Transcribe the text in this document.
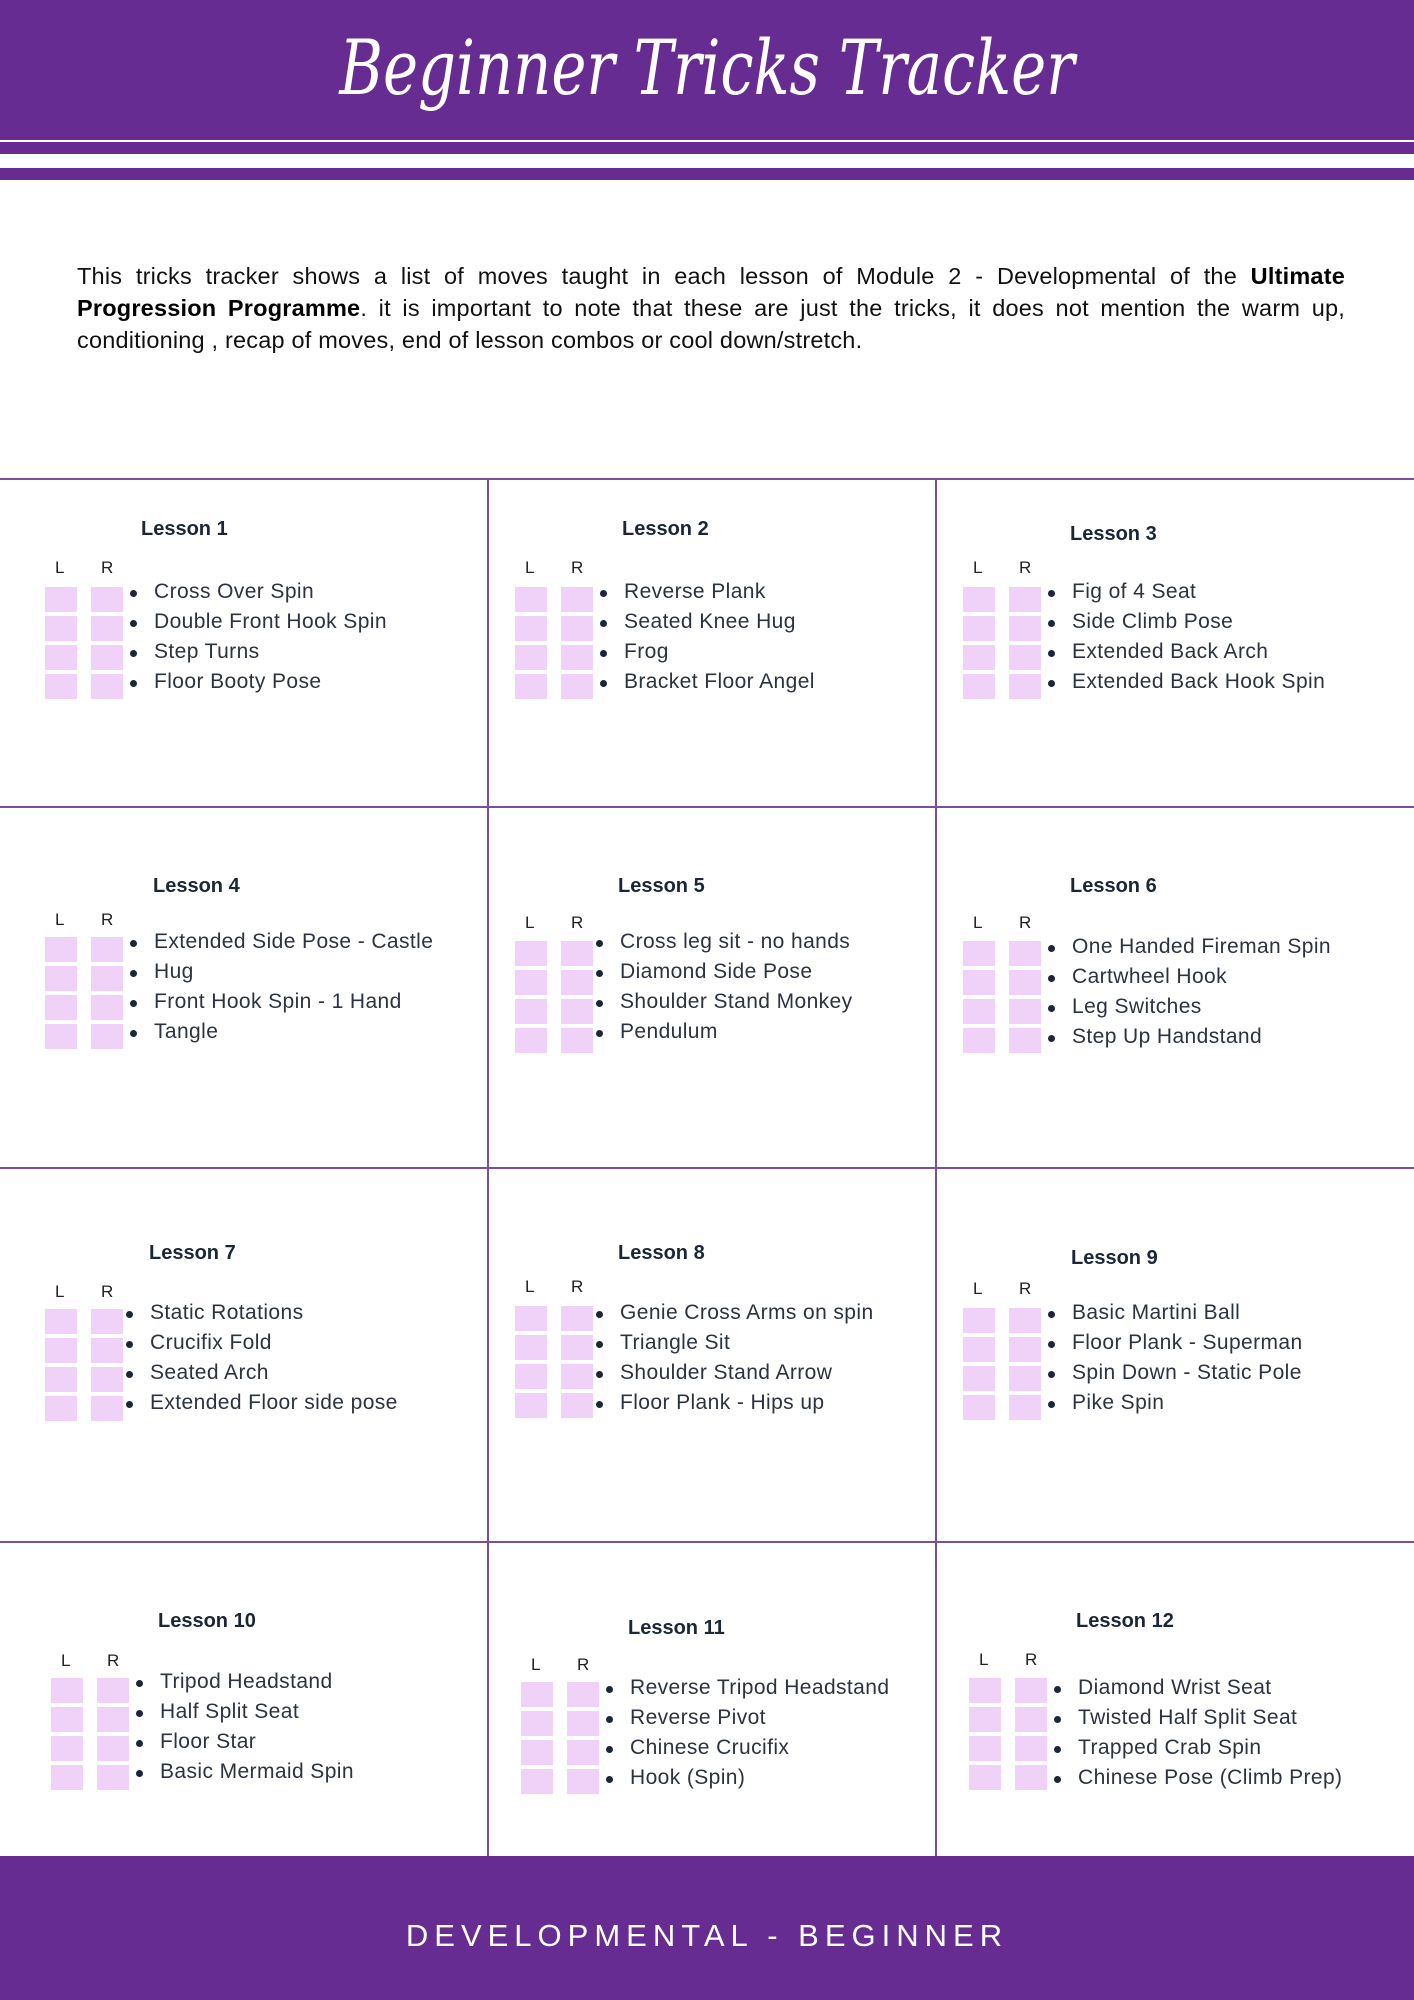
Beginner Tricks Tracker
This tricks tracker shows a list of moves taught in each lesson of Module 2 - Developmental of the Ultimate Progression Programme. it is important to note that these are just the tricks, it does not mention the warm up, conditioning , recap of moves, end of lesson combos or cool down/stretch.
Lesson 1
L R
Cross Over Spin
Double Front Hook Spin
Step Turns
Floor Booty Pose
Lesson 2
L R
Reverse Plank
Seated Knee Hug
Frog
Bracket Floor Angel
Lesson 3
L R
Fig of 4 Seat
Side Climb Pose
Extended Back Arch
Extended Back Hook Spin
Lesson 4
L R
Extended Side Pose - Castle
Hug
Front Hook Spin - 1 Hand
Tangle
Lesson 5
L R
Cross leg sit - no hands
Diamond Side Pose
Shoulder Stand Monkey
Pendulum
Lesson 6
L R
One Handed Fireman Spin
Cartwheel Hook
Leg Switches
Step Up Handstand
Lesson 7
L R
Static Rotations
Crucifix Fold
Seated Arch
Extended Floor side pose
Lesson 8
L R
Genie Cross Arms on spin
Triangle Sit
Shoulder Stand Arrow
Floor Plank - Hips up
Lesson 9
L R
Basic Martini Ball
Floor Plank - Superman
Spin Down - Static Pole
Pike Spin
Lesson 10
L R
Tripod Headstand
Half Split Seat
Floor Star
Basic Mermaid Spin
Lesson 11
L R
Reverse Tripod Headstand
Reverse Pivot
Chinese Crucifix
Hook (Spin)
Lesson 12
L R
Diamond Wrist Seat
Twisted Half Split Seat
Trapped Crab Spin
Chinese Pose (Climb Prep)
DEVELOPMENTAL - BEGINNER
